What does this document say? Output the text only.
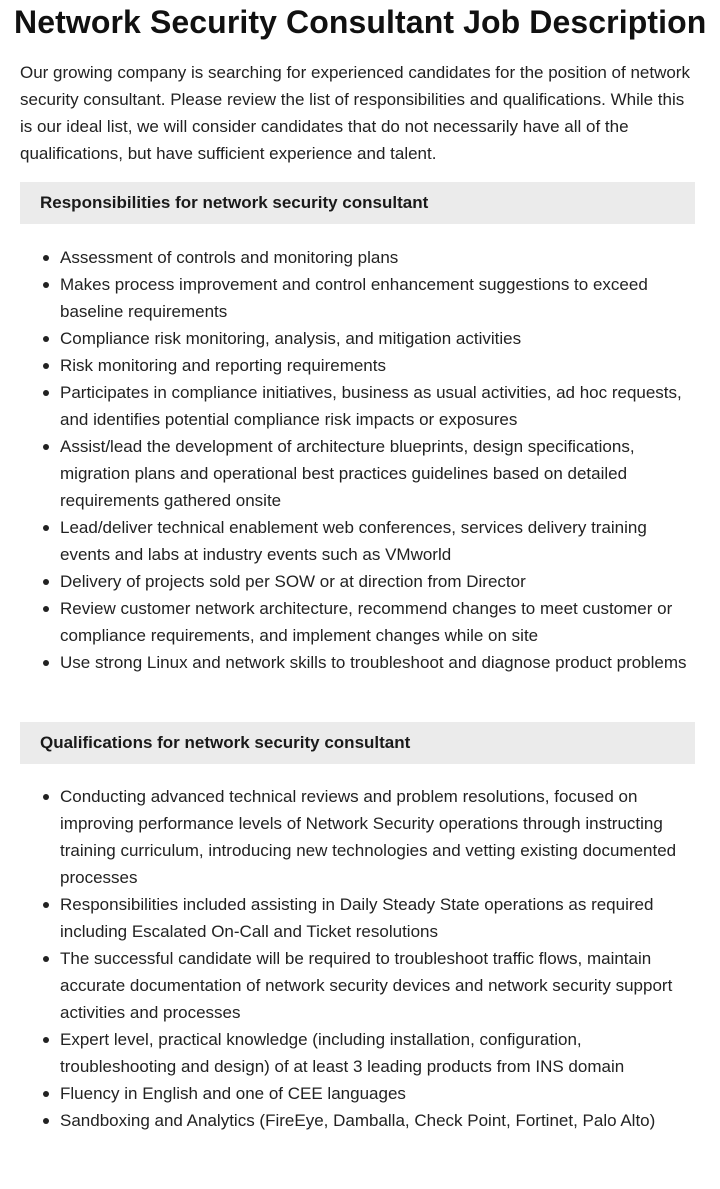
Network Security Consultant Job Description

Our growing company is searching for experienced candidates for the position of network security consultant. Please review the list of responsibilities and qualifications. While this is our ideal list, we will consider candidates that do not necessarily have all of the qualifications, but have sufficient experience and talent.

Responsibilities for network security consultant
Assessment of controls and monitoring plans
Makes process improvement and control enhancement suggestions to exceed baseline requirements
Compliance risk monitoring, analysis, and mitigation activities
Risk monitoring and reporting requirements
Participates in compliance initiatives, business as usual activities, ad hoc requests, and identifies potential compliance risk impacts or exposures
Assist/lead the development of architecture blueprints, design specifications, migration plans and operational best practices guidelines based on detailed requirements gathered onsite
Lead/deliver technical enablement web conferences, services delivery training events and labs at industry events such as VMworld
Delivery of projects sold per SOW or at direction from Director
Review customer network architecture, recommend changes to meet customer or compliance requirements, and implement changes while on site
Use strong Linux and network skills to troubleshoot and diagnose product problems
Qualifications for network security consultant
Conducting advanced technical reviews and problem resolutions, focused on improving performance levels of Network Security operations through instructing training curriculum, introducing new technologies and vetting existing documented processes
Responsibilities included assisting in Daily Steady State operations as required including Escalated On-Call and Ticket resolutions
The successful candidate will be required to troubleshoot traffic flows, maintain accurate documentation of network security devices and network security support activities and processes
Expert level, practical knowledge (including installation, configuration, troubleshooting and design) of at least 3 leading products from INS domain
Fluency in English and one of CEE languages
Sandboxing and Analytics (FireEye, Damballa, Check Point, Fortinet, Palo Alto)
